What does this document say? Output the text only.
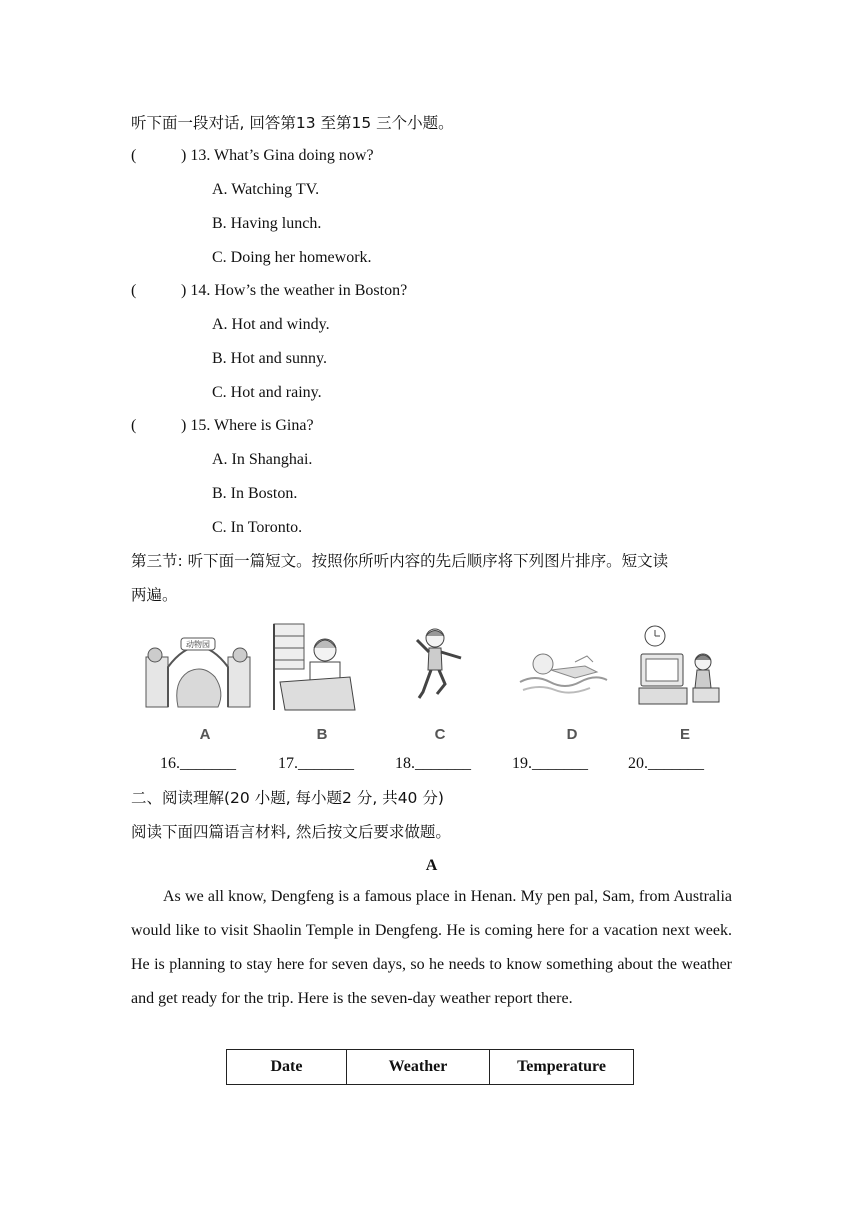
听下面一段对话, 回答第13 至第15 三个小题。
(	) 13. What’s Gina doing now?
A. Watching TV.
B. Having lunch.
C. Doing her homework.
(	) 14. How’s the weather in Boston?
A. Hot and windy.
B. Hot and sunny.
C. Hot and rainy.
(	) 15. Where is Gina?
A. In Shanghai.
B. In Boston.
C. In Toronto.
第三节: 听下面一篇短文。按照你所听内容的先后顺序将下列图片排序。短文读
两遍。
动物园
A	B	C	D	E
16._______	17._______	18._______	19._______	20._______
二、阅读理解(20 小题, 每小题2 分, 共40 分)
阅读下面四篇语言材料, 然后按文后要求做题。
A

As we all know, Dengfeng is a famous place in Henan. My pen pal, Sam, from Australia would like to visit Shaolin Temple in Dengfeng. He is coming here for a vacation next week. He is planning to stay here for seven days, so he needs to know something about the weather and get ready for the trip. Here is the seven-day weather report there.

Date	Weather	Temperature
